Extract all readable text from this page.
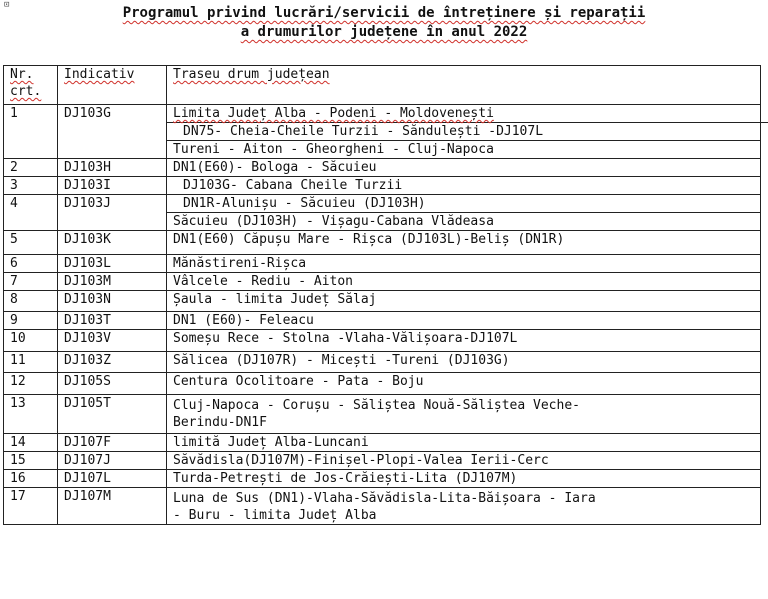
⊡	Programul privind lucrări/servicii de întreținere și reparații
a drumurilor județene în anul 2022
Nr. crt.	Indicativ	Traseu drum județean
1	DJ103G	Limita Județ Alba - Podeni - Moldovenești
DN75- Cheia-Cheile Turzii - Săndulești -DJ107L
Tureni - Aiton - Gheorgheni - Cluj-Napoca

2	DJ103H	DN1(E60)- Bologa - Săcuieu

3	DJ103I	DJ103G- Cabana Cheile Turzii

4	DJ103J	DN1R-Alunișu - Săcuieu (DJ103H)
Săcuieu (DJ103H) - Vișagu-Cabana Vlădeasa

5	DJ103K	DN1(E60) Căpușu Mare - Rișca (DJ103L)-Beliș (DN1R)

6	DJ103L	Mănăstireni-Rișca

7	DJ103M	Vâlcele - Rediu - Aiton

8	DJ103N	Șaula - limita Județ Sălaj

9	DJ103T	DN1 (E60)- Feleacu

10	DJ103V	Someșu Rece - Stolna -Vlaha-Vălișoara-DJ107L

11	DJ103Z	Sălicea (DJ107R) - Micești -Tureni (DJ103G)

12	DJ105S	Centura Ocolitoare - Pata - Boju

13	DJ105T	Cluj-Napoca - Corușu - Săliștea Nouă-Săliștea Veche-
Berindu-DN1F

14	DJ107F	limită Județ Alba-Luncani

15	DJ107J	Săvădisla(DJ107M)-Finișel-Plopi-Valea Ierii-Cerc

16	DJ107L	Turda-Petrești de Jos-Crăiești-Lita (DJ107M)

17	DJ107M	Luna de Sus (DN1)-Vlaha-Săvădisla-Lita-Băișoara - Iara
- Buru - limita Județ Alba
